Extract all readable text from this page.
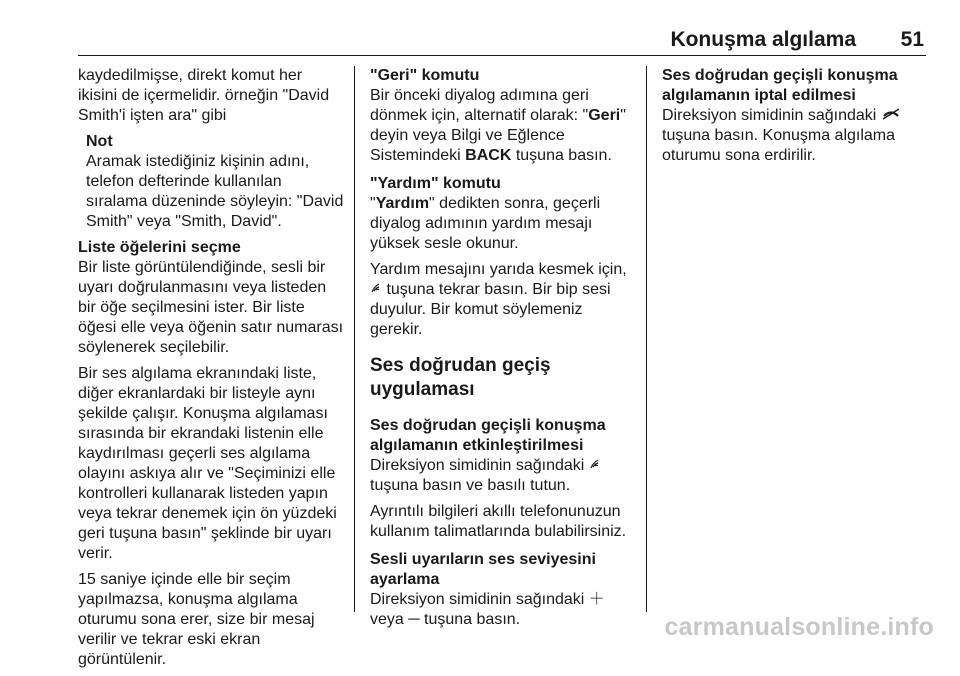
Konuşma algılama 51

kaydedilmişse, direkt komut her ikisini de içermelidir. örneğin "David Smith'i işten ara" gibi

Not
Aramak istediğiniz kişinin adını, telefon defterinde kullanılan sıralama düzeninde söyleyin: "David Smith" veya "Smith, David".
Liste öğelerini seçme

Bir liste görüntülendiğinde, sesli bir uyarı doğrulanmasını veya listeden bir öğe seçilmesini ister. Bir liste öğesi elle veya öğenin satır numarası söylenerek seçilebilir.

Bir ses algılama ekranındaki liste, diğer ekranlardaki bir listeyle aynı şekilde çalışır. Konuşma algılaması sırasında bir ekrandaki listenin elle kaydırılması geçerli ses algılama olayını askıya alır ve "Seçiminizi elle kontrolleri kullanarak listeden yapın veya tekrar denemek için ön yüzdeki geri tuşuna basın" şeklinde bir uyarı verir.

15 saniye içinde elle bir seçim yapılmazsa, konuşma algılama oturumu sona erer, size bir mesaj verilir ve tekrar eski ekran görüntülenir.

"Geri" komutu

Bir önceki diyalog adımına geri dönmek için, alternatif olarak: "Geri" deyin veya Bilgi ve Eğlence Sistemindeki BACK tuşuna basın.

"Yardım" komutu

"Yardım" dedikten sonra, geçerli diyalog adımının yardım mesajı yüksek sesle okunur.

Yardım mesajını yarıda kesmek için,
tuşuna tekrar basın. Bir bip sesi duyulur. Bir komut söylemeniz gerekir.

Ses doğrudan geçiş uygulaması
Ses doğrudan geçişli konuşma algılamanın etkinleştirilmesi

Direksiyon simidinin sağındaki
tuşuna basın ve basılı tutun.

Ayrıntılı bilgileri akıllı telefonunuzun kullanım talimatlarında bulabilirsiniz.

Sesli uyarıların ses seviyesini ayarlama

Direksiyon simidinin sağındaki ＋
veya ─ tuşuna basın.

Ses doğrudan geçişli konuşma algılamanın iptal edilmesi

Direksiyon simidinin sağındaki
tuşuna basın. Konuşma algılama oturumu sona erdirilir.

carmanualsonline.info
